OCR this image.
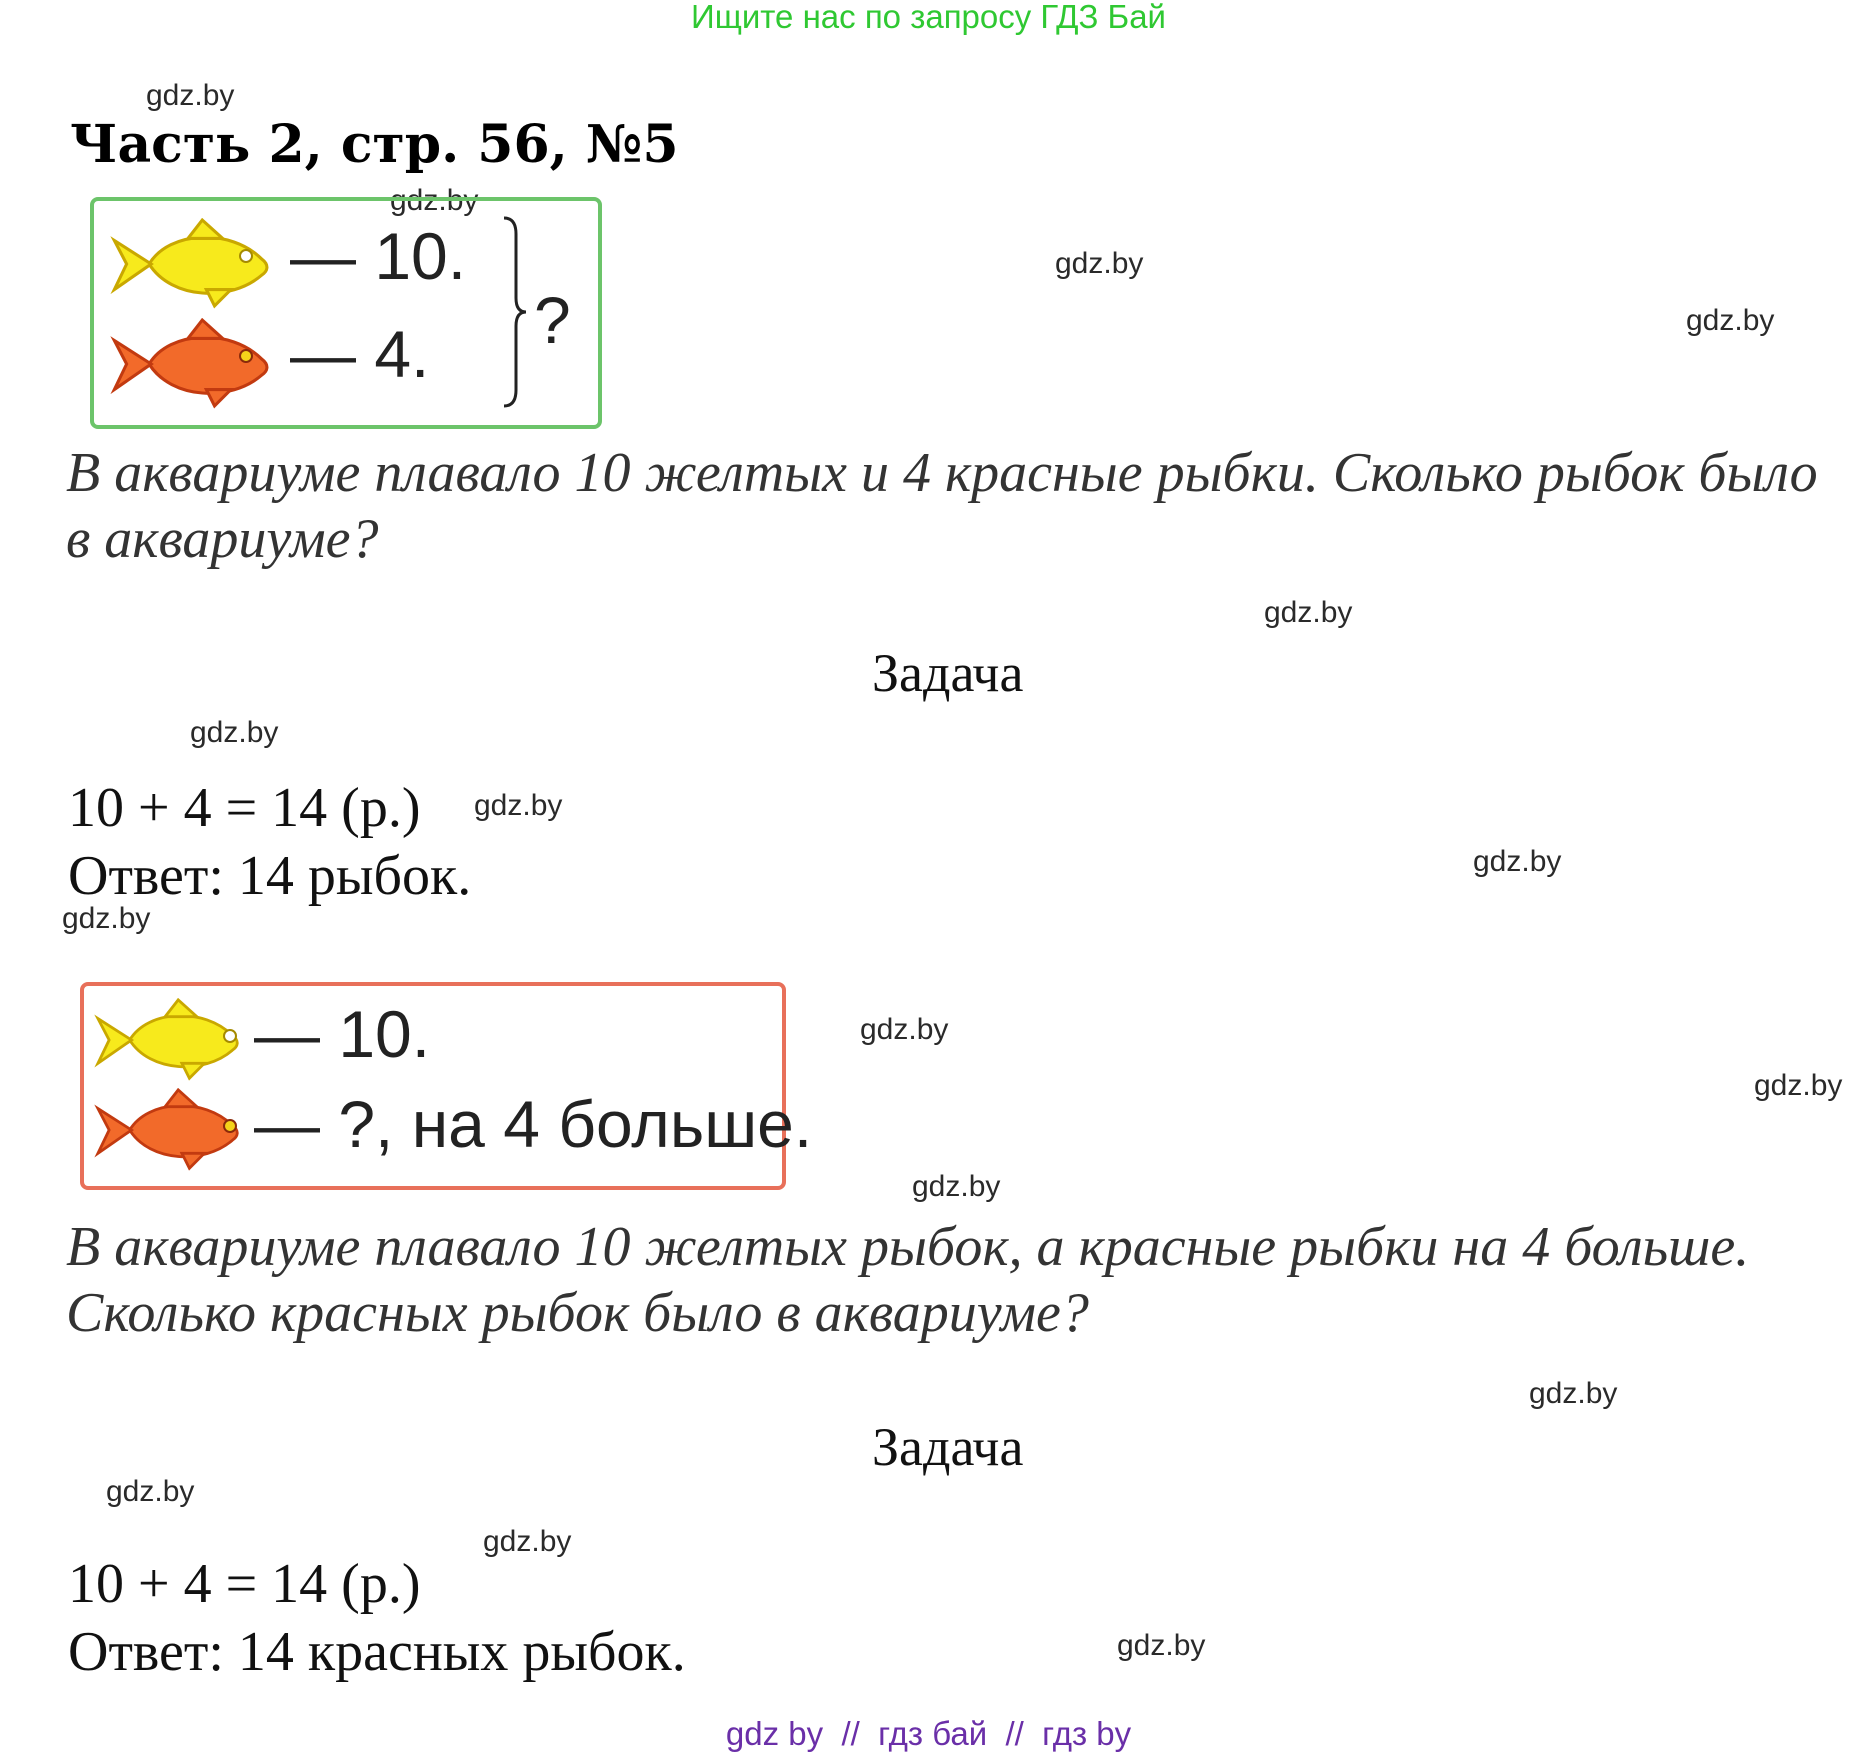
Ищите нас по запросу ГДЗ Бай
gdz.by
gdz.by
gdz.by
gdz.by
gdz.by
gdz.by
gdz.by
gdz.by
gdz.by
gdz.by
gdz.by
gdz.by
gdz.by
gdz.by
gdz.by
gdz.by
Часть 2, стр. 56, №5
— 10.
— 4. ?
В аквариуме плавало 10 желтых и 4 красные рыбки. Сколько рыбок было в аквариуме?
Задача
10 + 4 = 14 (р.)
Ответ: 14 рыбок.
— 10.
— ?, на 4 больше.
В аквариуме плавало 10 желтых рыбок, а красные рыбки на 4 больше. Сколько красных рыбок было в аквариуме?
Задача
10 + 4 = 14 (р.)
Ответ: 14 красных рыбок.
gdz by  //  гдз бай  //  гдз by
